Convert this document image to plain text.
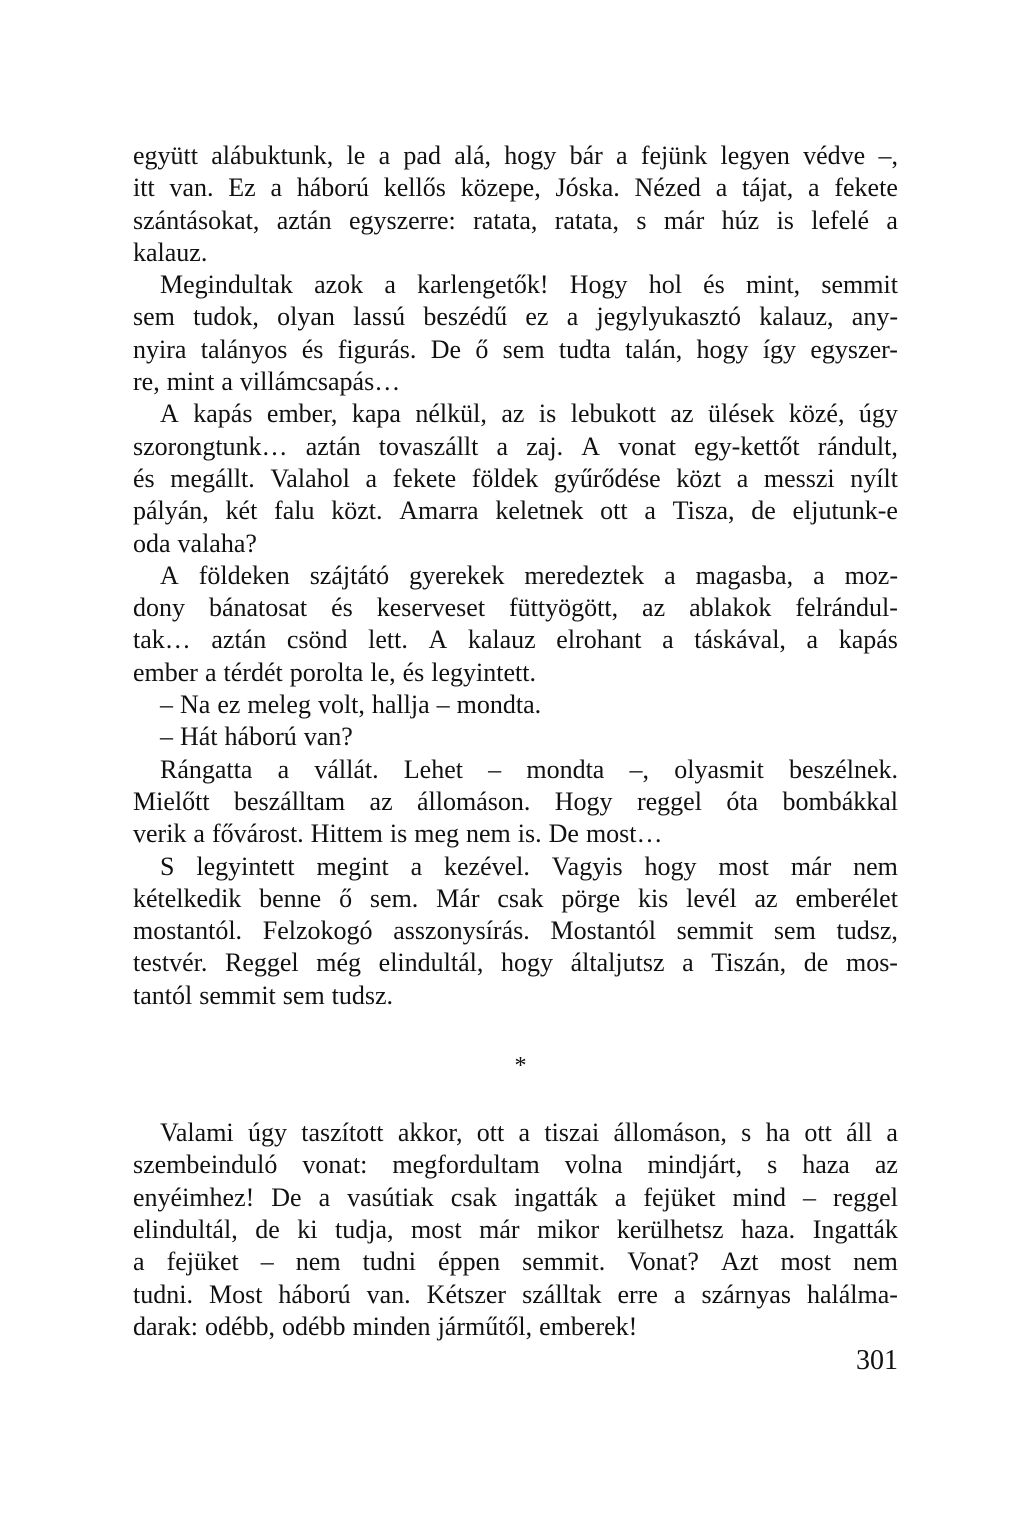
együtt alábuktunk, le a pad alá, hogy bár a fejünk legyen védve –,
itt van. Ez a háború kellős közepe, Jóska. Nézed a tájat, a fekete
szántásokat, aztán egyszerre: ratata, ratata, s már húz is lefelé a
kalauz.
Megindultak azok a karlengetők! Hogy hol és mint, semmit
sem tudok, olyan lassú beszédű ez a jegylyukasztó kalauz, any-
nyira talányos és figurás. De ő sem tudta talán, hogy így egyszer-
re, mint a villámcsapás…
A kapás ember, kapa nélkül, az is lebukott az ülések közé, úgy
szorongtunk… aztán tovaszállt a zaj. A vonat egy-kettőt rándult,
és megállt. Valahol a fekete földek gyűrődése közt a messzi nyílt
pályán, két falu közt. Amarra keletnek ott a Tisza, de eljutunk-e
oda valaha?
A földeken szájtátó gyerekek meredeztek a magasba, a moz-
dony bánatosat és keserveset füttyögött, az ablakok felrándul-
tak… aztán csönd lett. A kalauz elrohant a táskával, a kapás
ember a térdét porolta le, és legyintett.
– Na ez meleg volt, hallja – mondta.
– Hát háború van?
Rángatta a vállát. Lehet – mondta –, olyasmit beszélnek.
Mielőtt beszálltam az állomáson. Hogy reggel óta bombákkal
verik a fővárost. Hittem is meg nem is. De most…
S legyintett megint a kezével. Vagyis hogy most már nem
kételkedik benne ő sem. Már csak pörge kis levél az emberélet
mostantól. Felzokogó asszonysírás. Mostantól semmit sem tudsz,
testvér. Reggel még elindultál, hogy általjutsz a Tiszán, de mos-
tantól semmit sem tudsz.
*
Valami úgy taszított akkor, ott a tiszai állomáson, s ha ott áll a
szembeinduló vonat: megfordultam volna mindjárt, s haza az
enyéimhez! De a vasútiak csak ingatták a fejüket mind – reggel
elindultál, de ki tudja, most már mikor kerülhetsz haza. Ingatták
a fejüket – nem tudni éppen semmit. Vonat? Azt most nem
tudni. Most háború van. Kétszer szálltak erre a szárnyas halálma-
darak: odébb, odébb minden járműtől, emberek!
301
